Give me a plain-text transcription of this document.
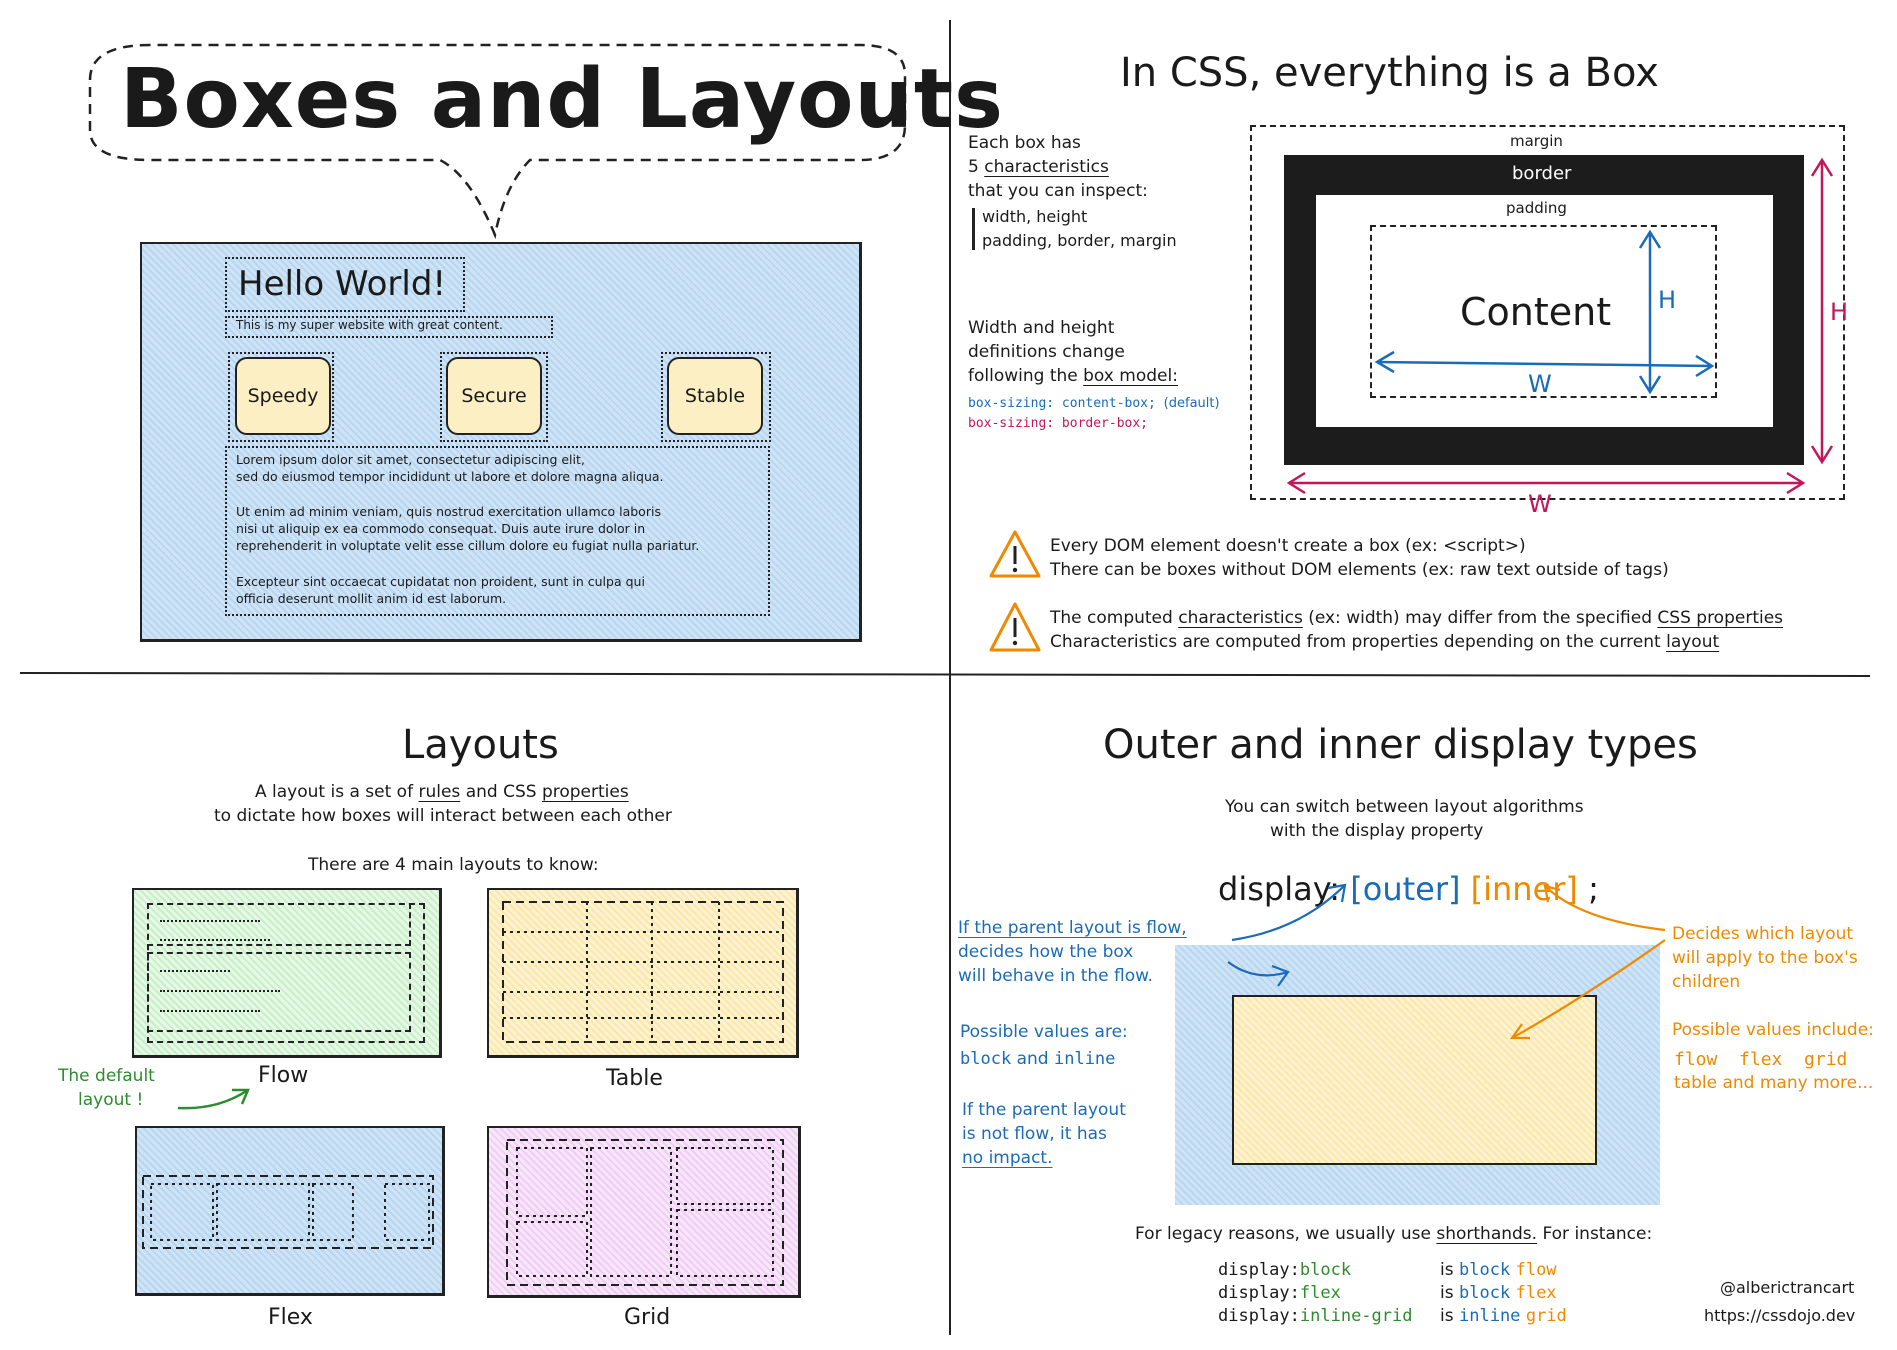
Boxes and Layouts
Hello World!
This is my super website with great content.
Speedy	Secure	Stable
Lorem ipsum dolor sit amet, consectetur adipiscing elit,
sed do eiusmod tempor incididunt ut labore et dolore magna aliqua.
Ut enim ad minim veniam, quis nostrud exercitation ullamco laboris
nisi ut aliquip ex ea commodo consequat. Duis aute irure dolor in
reprehenderit in voluptate velit esse cillum dolore eu fugiat nulla pariatur.
Excepteur sint occaecat cupidatat non proident, sunt in culpa qui
officia deserunt mollit anim id est laborum.
In CSS, everything is a Box
Each box has
5 characteristics
that you can inspect:
width, height
padding, border, margin
Width and height
definitions change
following the box model:
box-sizing: content-box; (default)
box-sizing: border-box;
margin
border
padding
Content H
W
H
W
Every DOM element doesn't create a box (ex: <script>)
There can be boxes without DOM elements (ex: raw text outside of tags)
The computed characteristics (ex: width) may differ from the specified CSS properties
Characteristics are computed from properties depending on the current layout
Layouts
A layout is a set of rules and CSS properties
to dictate how boxes will interact between each other
There are 4 main layouts to know:
Flow	Table
Flex	Grid
The default
layout !
Outer and inner display types
You can switch between layout algorithms
with the display property
display: [outer] [inner] ;
If the parent layout is flow,
decides how the box
will behave in the flow.
Possible values are:
block and inline
If the parent layout
is not flow, it has
no impact.
Decides which layout
will apply to the box's
children
Possible values include:
flow  flex  grid
table and many more...
For legacy reasons, we usually use shorthands. For instance:
display:block	is block flow
display:flex	is block flex
display:inline-grid is inline grid
@alberictrancart
https://cssdojo.dev
